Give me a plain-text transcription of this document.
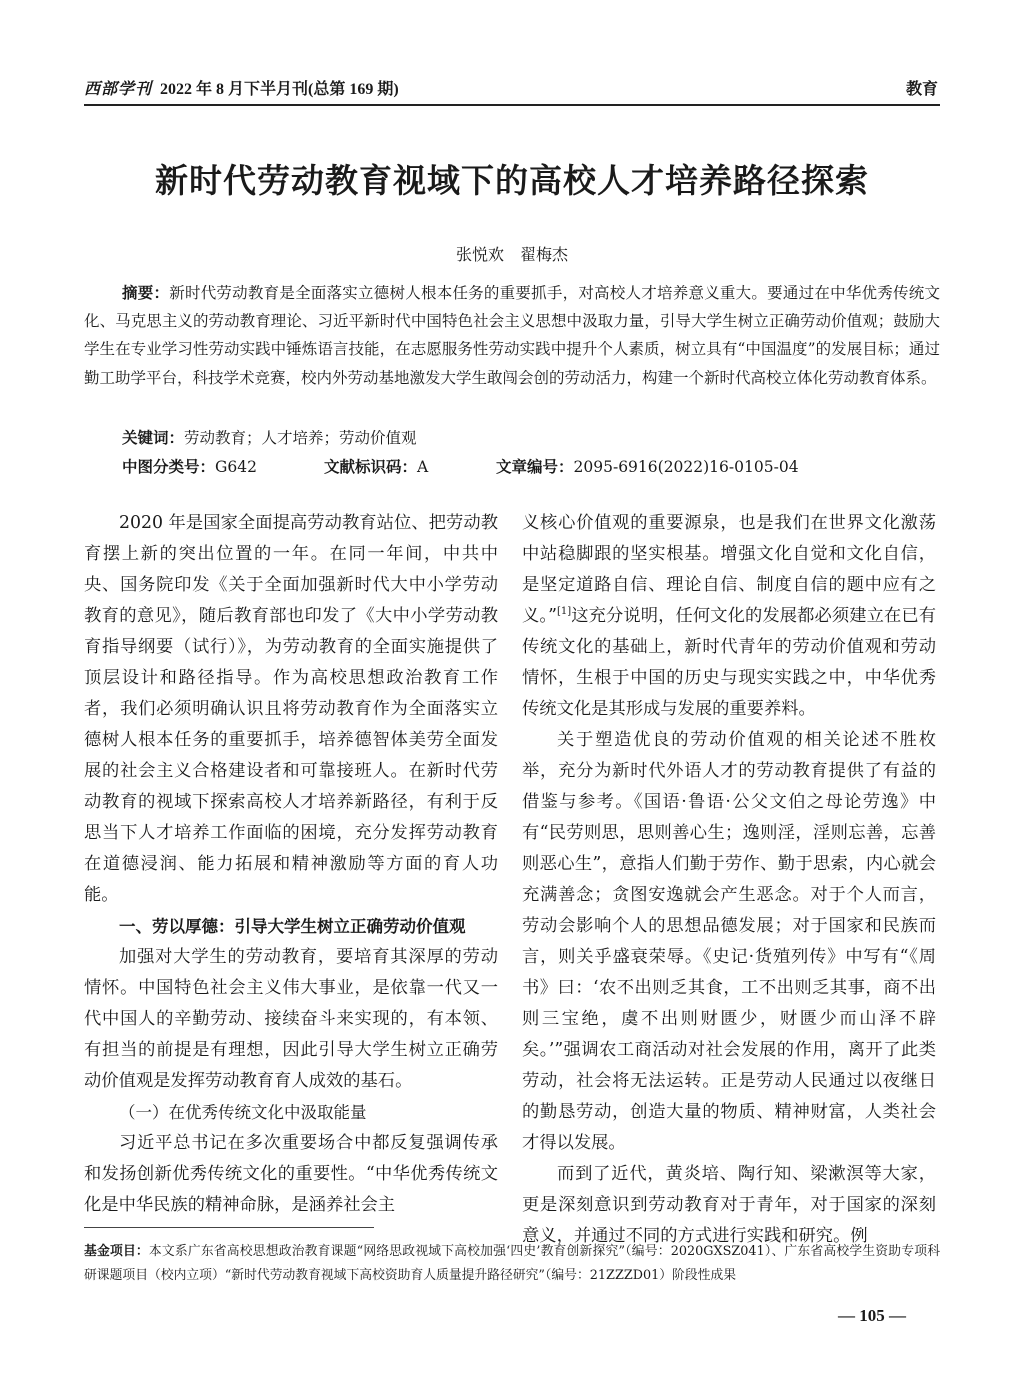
西部学刊 2022 年 8 月下半月刊(总第 169 期)	教育
新时代劳动教育视域下的高校人才培养路径探索
张悦欢　翟梅杰
摘要：新时代劳动教育是全面落实立德树人根本任务的重要抓手，对高校人才培养意义重大。要通过在中华优秀传统文化、马克思主义的劳动教育理论、习近平新时代中国特色社会主义思想中汲取力量，引导大学生树立正确劳动价值观；鼓励大学生在专业学习性劳动实践中锤炼语言技能，在志愿服务性劳动实践中提升个人素质，树立具有“中国温度”的发展目标；通过勤工助学平台，科技学术竞赛，校内外劳动基地激发大学生敢闯会创的劳动活力，构建一个新时代高校立体化劳动教育体系。
关键词：劳动教育；人才培养；劳动价值观
中图分类号：G642	文献标识码：A	文章编号：2095-6916(2022)16-0105-04

2020 年是国家全面提高劳动教育站位、把劳动教育摆上新的突出位置的一年。在同一年间，中共中央、国务院印发《关于全面加强新时代大中小学劳动教育的意见》，随后教育部也印发了《大中小学劳动教育指导纲要（试行）》，为劳动教育的全面实施提供了顶层设计和路径指导。作为高校思想政治教育工作者，我们必须明确认识且将劳动教育作为全面落实立德树人根本任务的重要抓手，培养德智体美劳全面发展的社会主义合格建设者和可靠接班人。在新时代劳动教育的视域下探索高校人才培养新路径，有利于反思当下人才培养工作面临的困境，充分发挥劳动教育在道德浸润、能力拓展和精神激励等方面的育人功能。

一、劳以厚德：引导大学生树立正确劳动价值观

加强对大学生的劳动教育，要培育其深厚的劳动情怀。中国特色社会主义伟大事业，是依靠一代又一代中国人的辛勤劳动、接续奋斗来实现的，有本领、有担当的前提是有理想，因此引导大学生树立正确劳动价值观是发挥劳动教育育人成效的基石。

（一）在优秀传统文化中汲取能量

习近平总书记在多次重要场合中都反复强调传承和发扬创新优秀传统文化的重要性。“中华优秀传统文化是中华民族的精神命脉，是涵养社会主

义核心价值观的重要源泉，也是我们在世界文化激荡中站稳脚跟的坚实根基。增强文化自觉和文化自信，是坚定道路自信、理论自信、制度自信的题中应有之义。”[1]这充分说明，任何文化的发展都必须建立在已有传统文化的基础上，新时代青年的劳动价值观和劳动情怀，生根于中国的历史与现实实践之中，中华优秀传统文化是其形成与发展的重要养料。

关于塑造优良的劳动价值观的相关论述不胜枚举，充分为新时代外语人才的劳动教育提供了有益的借鉴与参考。《国语·鲁语·公父文伯之母论劳逸》中有“民劳则思，思则善心生；逸则淫，淫则忘善，忘善则恶心生”，意指人们勤于劳作、勤于思索，内心就会充满善念；贪图安逸就会产生恶念。对于个人而言，劳动会影响个人的思想品德发展；对于国家和民族而言，则关乎盛衰荣辱。《史记·货殖列传》中写有“《周书》曰：‘农不出则乏其食，工不出则乏其事，商不出则三宝绝，虞不出则财匮少，财匮少而山泽不辟矣。’”强调农工商活动对社会发展的作用，离开了此类劳动，社会将无法运转。正是劳动人民通过以夜继日的勤恳劳动，创造大量的物质、精神财富，人类社会才得以发展。

而到了近代，黄炎培、陶行知、梁漱溟等大家，更是深刻意识到劳动教育对于青年，对于国家的深刻意义，并通过不同的方式进行实践和研究。例

基金项目：本文系广东省高校思想政治教育课题“网络思政视域下高校加强‘四史’教育创新探究”（编号：2020GXSZ041）、广东省高校学生资助专项科研课题项目（校内立项）“新时代劳动教育视域下高校资助育人质量提升路径研究”（编号：21ZZZD01）阶段性成果
— 105 —
